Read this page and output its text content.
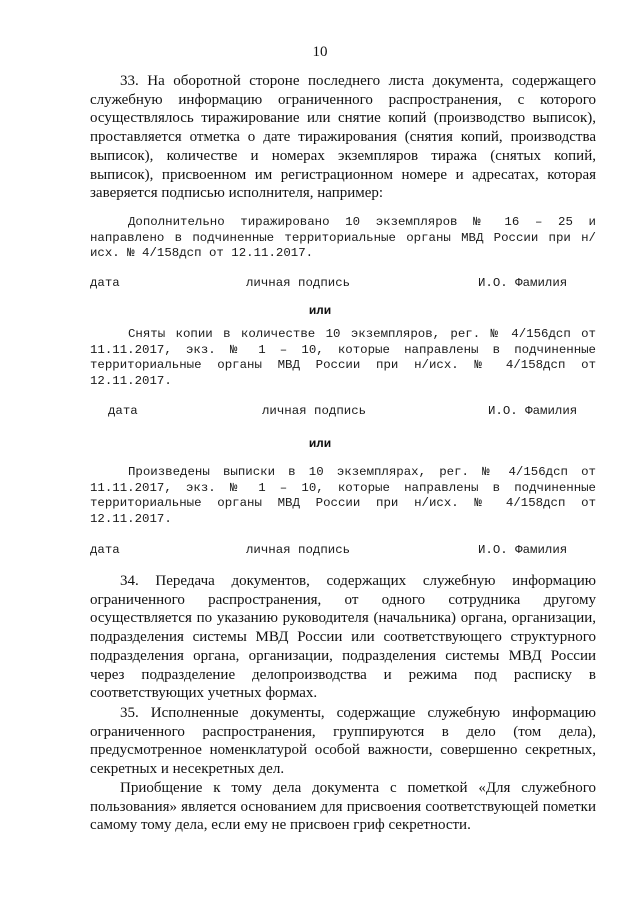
10
33. На оборотной стороне последнего листа документа, содержащего служебную информацию ограниченного распространения, с которого осуществлялось тиражирование или снятие копий (производство выписок), проставляется отметка о дате тиражирования (снятия копий, производства выписок), количестве и номерах экземпляров тиража (снятых копий, выписок), присвоенном им регистрационном номере и адресатах, которая заверяется подписью исполнителя, например:
Дополнительно тиражировано 10 экземпляров № 16 – 25 и направлено в подчиненные территориальные органы МВД России при н/исх. № 4/158дсп от 12.11.2017.
дата	личная подпись	И.О. Фамилия
или
Сняты копии в количестве 10 экземпляров, рег. № 4/156дсп от 11.11.2017, экз. № 1 – 10, которые направлены в подчиненные территориальные органы МВД России при н/исх. № 4/158дсп от 12.11.2017.
дата	личная подпись	И.О. Фамилия
или
Произведены выписки в 10 экземплярах, рег. № 4/156дсп от 11.11.2017, экз. № 1 – 10, которые направлены в подчиненные территориальные органы МВД России при н/исх. № 4/158дсп от 12.11.2017.
дата	личная подпись	И.О. Фамилия
34. Передача документов, содержащих служебную информацию ограниченного распространения, от одного сотрудника другому осуществляется по указанию руководителя (начальника) органа, организации, подразделения системы МВД России или соответствующего структурного подразделения органа, организации, подразделения системы МВД России через подразделение делопроизводства и режима под расписку в соответствующих учетных формах.
35. Исполненные документы, содержащие служебную информацию ограниченного распространения, группируются в дело (том дела), предусмотренное номенклатурой особой важности, совершенно секретных, секретных и несекретных дел.
Приобщение к тому дела документа с пометкой «Для служебного пользования» является основанием для присвоения соответствующей пометки самому тому дела, если ему не присвоен гриф секретности.
